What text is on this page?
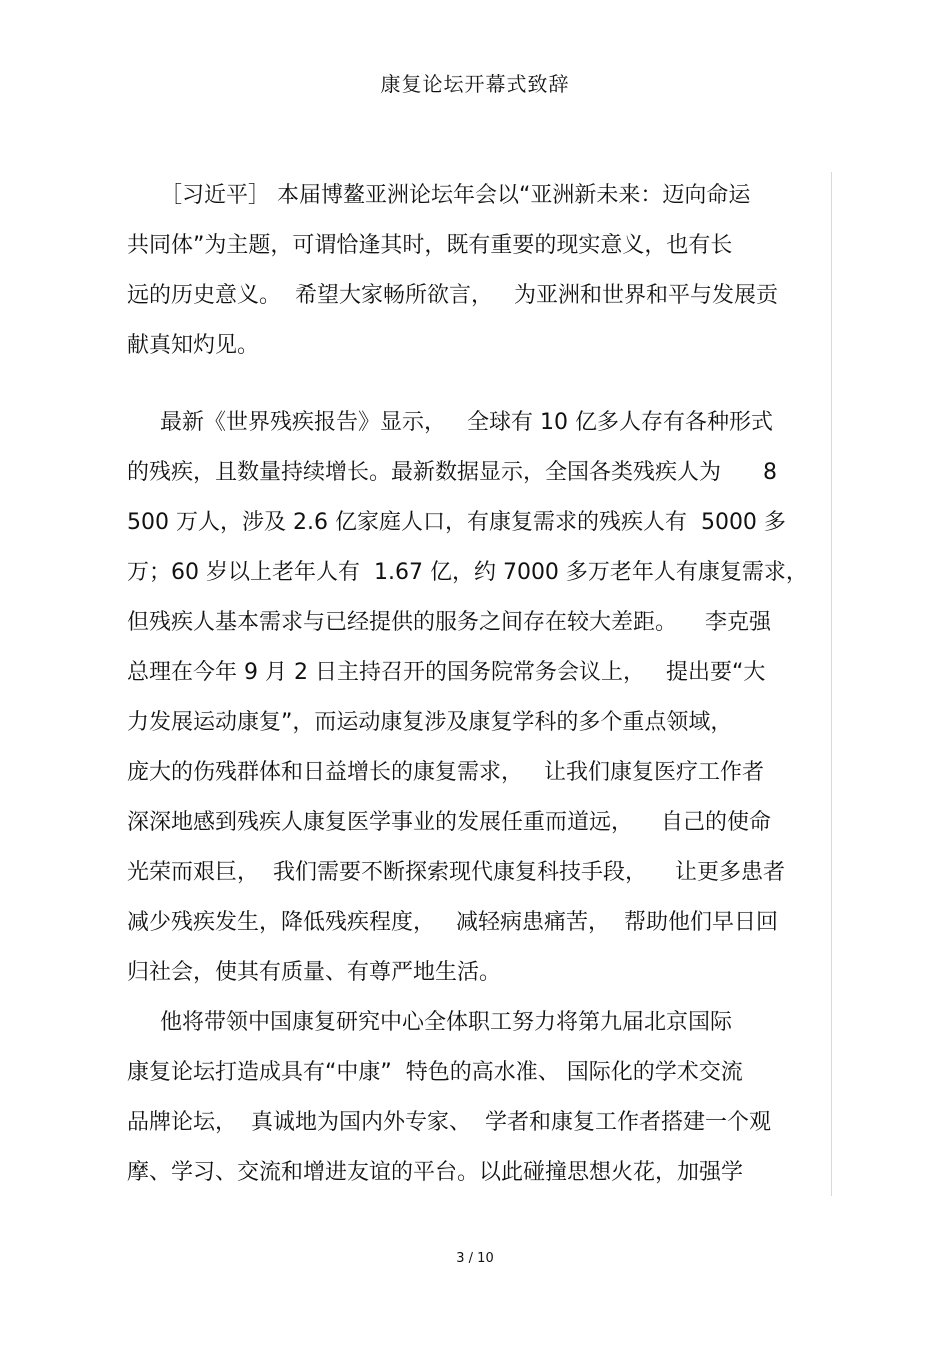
康复论坛开幕式致辞
［习近平］ 本届博鳌亚洲论坛年会以“亚洲新未来：迈向命运
共同体”为主题，可谓恰逢其时，既有重要的现实意义，也有长
远的历史意义。  希望大家畅所欲言，   为亚洲和世界和平与发展贡
献真知灼见。
最新《世界残疾报告》显示，   全球有 10 亿多人存有各种形式
的残疾，且数量持续增长。最新数据显示，全国各类残疾人为      8
500 万人，涉及 2.6 亿家庭人口，有康复需求的残疾人有  5000 多
万；60 岁以上老年人有  1.67 亿，约 7000 多万老年人有康复需求，
但残疾人基本需求与已经提供的服务之间存在较大差距。    李克强
总理在今年 9 月 2 日主持召开的国务院常务会议上，   提出要“大
力发展运动康复”，而运动康复涉及康复学科的多个重点领域，
庞大的伤残群体和日益增长的康复需求，   让我们康复医疗工作者
深深地感到残疾人康复医学事业的发展任重而道远，    自己的使命
光荣而艰巨，  我们需要不断探索现代康复科技手段，    让更多患者
减少残疾发生，降低残疾程度，   减轻病患痛苦，  帮助他们早日回
归社会，使其有质量、有尊严地生活。
他将带领中国康复研究中心全体职工努力将第九届北京国际
康复论坛打造成具有“中康”  特色的高水准、 国际化的学术交流
品牌论坛，  真诚地为国内外专家、  学者和康复工作者搭建一个观
摩、学习、交流和增进友谊的平台。以此碰撞思想火花，加强学
3 / 10
